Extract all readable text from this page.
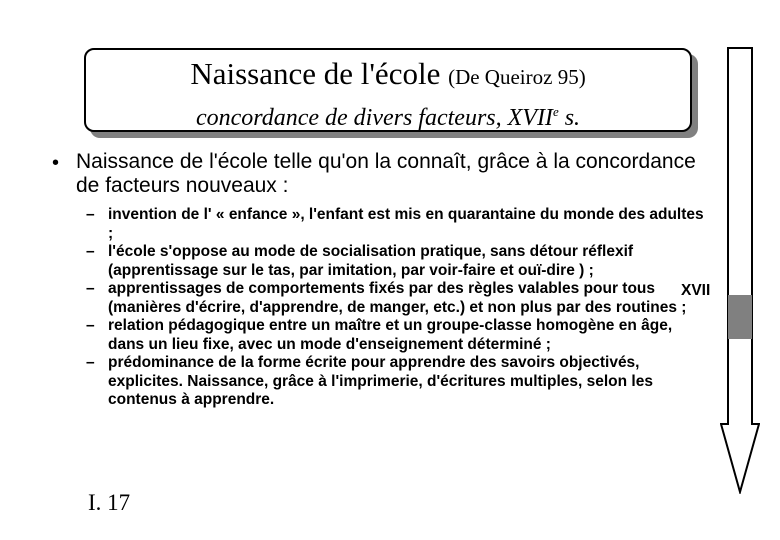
Naissance de l'école (De Queiroz 95)
concordance de divers facteurs, XVIIe s.
• Naissance de l'école telle qu'on la connaît, grâce à la concordance de facteurs nouveaux :
– invention de l' « enfance », l'enfant est mis en quarantaine du monde des adultes ;
– l'école s'oppose au mode de socialisation pratique, sans détour réflexif (apprentissage sur le tas, par imitation, par voir-faire et ouï-dire ) ;
– apprentissages de comportements fixés par des règles valables pour tous (manières d'écrire, d'apprendre, de manger, etc.) et non plus par des routines ;
– relation pédagogique entre un maître et un groupe-classe homogène en âge, dans un lieu fixe, avec un mode d'enseignement déterminé ;
– prédominance de la forme écrite pour apprendre des savoirs objectivés, explicites. Naissance, grâce à l'imprimerie, d'écritures multiples, selon les contenus à apprendre.
XVII
I. 17
